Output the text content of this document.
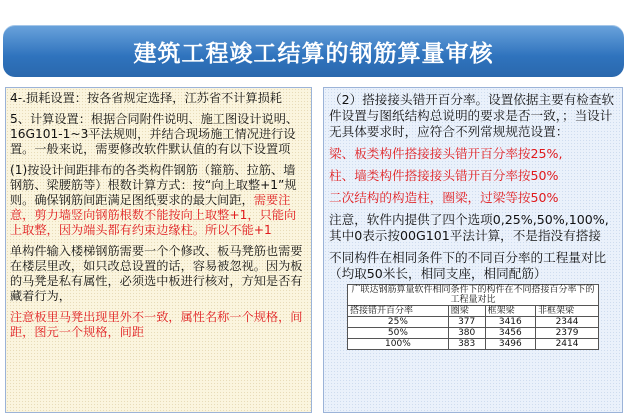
建筑工程竣工结算的钢筋算量审核

4-.损耗设置：按各省规定选择，江苏省不计算损耗

5、计算设置：根据合同附件说明、施工图设计说明、16G101-1~3平法规则，并结合现场施工情况进行设置。一般来说，需要修改软件默认值的有以下设置项

(1)按设计间距排布的各类构件钢筋（箍筋、拉筋、墙钢筋、梁腰筋等）根数计算方式：按“向上取整+1”规则。确保钢筋间距满足图纸要求的最大间距，需要注意，剪力墙竖向钢筋根数不能按向上取整+1，只能向上取整，因为端头都有约束边缘柱。所以不能+1

单构件输入楼梯钢筋需要一个个修改、板马凳筋也需要在楼层里改，如只改总设置的话，容易被忽视。因为板的马凳是私有属性，必须选中板进行核对，方知是否有藏着行为，

注意板里马凳出现里外不一致，属性名称一个规格，间距，图元一个规格，间距

（2）搭接接头错开百分率。设置依据主要有检查软件设置与图纸结构总说明的要求是否一致，；当设计无具体要求时，应符合不列常规规范设置：

梁、板类构件搭接接头错开百分率按25%,

柱、墙类构件搭接接头错开百分率按50%

二次结构的构造柱，圈梁，过梁等按50%

注意，软件内提供了四个选项0,25%,50%,100%,其中0表示按00G101平法计算，不是指没有搭接

不同构件在相同条件下的不同百分率的工程量对比（均取50米长，相同支座，相同配筋）

广联达钢筋算量软件相同条件下的构件在不同搭接百分率下的工程量对比			
搭接错开百分率	圈梁	框架梁	非框架梁
25%	377	3416	2344
50%	380	3456	2379
100%	383	3496	2414
